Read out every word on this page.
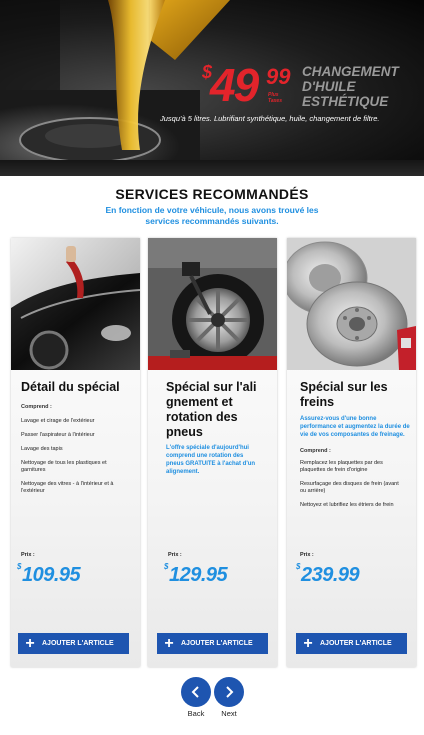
$
49 99
Plus Taxes
CHANGEMENT D'HUILE ESTHÉTIQUE
Jusqu'à 5 litres. Lubrifiant synthétique, huile, changement de filtre.
SERVICES RECOMMANDÉS
En fonction de votre véhicule, nous avons trouvé les services recommandés suivants.
Détail du spécial
Comprend :
Lavage et cirage de l'extérieur
Passer l'aspirateur à l'intérieur
Lavage des tapis
Nettoyage de tous les plastiques et garnitures
Nettoyage des vitres - à l'intérieur et à l'extérieur
Prix :
$109.95
+	AJOUTER L'ARTICLE
Spécial sur l'ali gnement et rotation des pneus
L'offre spéciale d'aujourd'hui comprend une rotation des pneus GRATUITE à l'achat d'un alignement.
Prix :
$129.95
+	AJOUTER L'ARTICLE
Spécial sur les freins
Assurez-vous d'une bonne performance et augmentez la durée de vie de vos composantes de freinage.
Comprend :
Remplacez les plaquettes par des plaquettes de frein d'origine
Resurfaçage des disques de frein (avant ou arrière)
Nettoyez et lubrifiez les étriers de frein
Prix :
$239.99
+	AJOUTER L'ARTICLE
Back	Next
